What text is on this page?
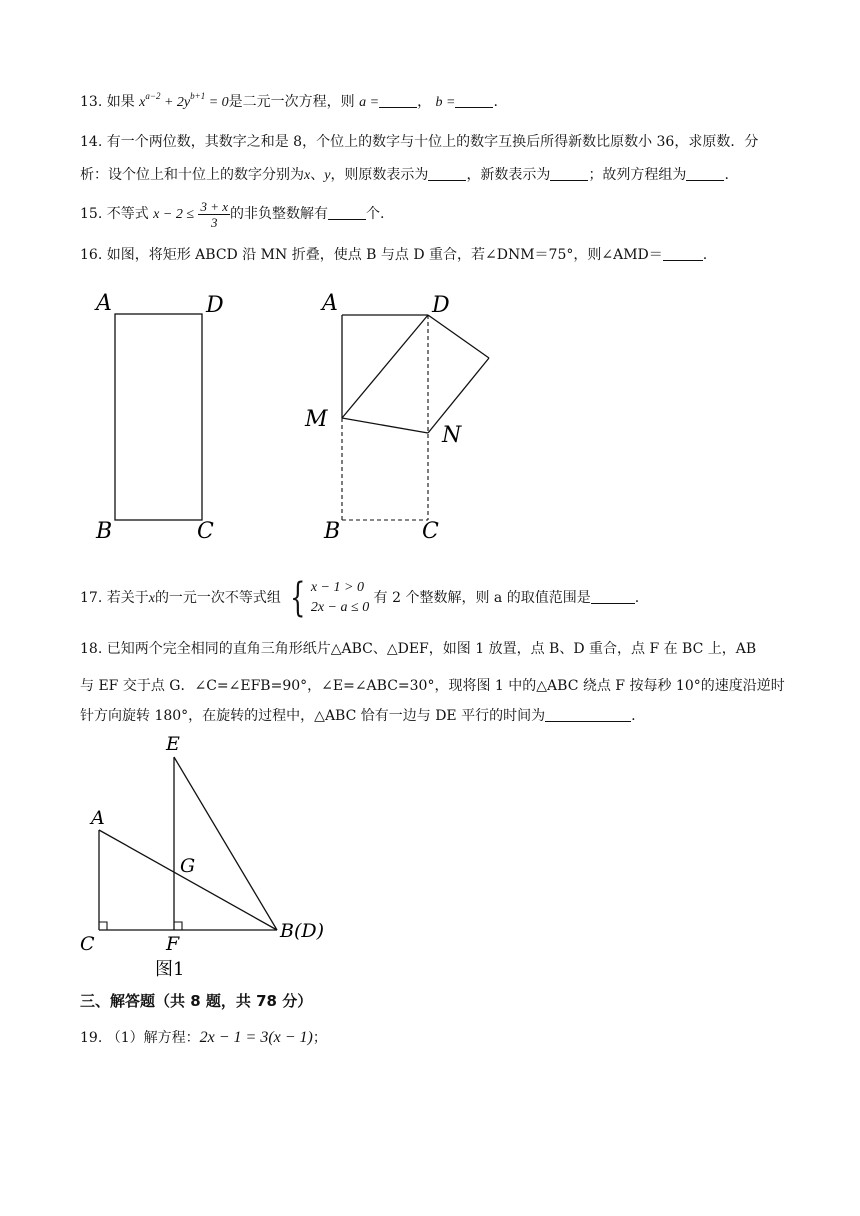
13. 如果 $x^{a-2} + 2y^{b+1} = 0$是二元一次方程，则 a =	， b =	.
14. 有一个两位数，其数字之和是 8，个位上的数字与十位上的数字互换后所得新数比原数小 36，求原数．分
析：设个位上和十位上的数字分别为x、y，则原数表示为	，新数表示为	；故列方程组为	.
15. 不等式 $x - 2 \le \frac{3 + x}{3}$ 的非负整数解有	个.
16. 如图，将矩形 ABCD 沿 MN 折叠，使点 B 与点 D 重合，若∠DNM＝75°，则∠AMD＝	.
A	D
B	C
A	D
M
N
B	C
17. 若关于x的一元一次不等式组 { x − 1 > 0
2x − a ≤ 0
有 2 个整数解，则 a 的取值范围是	.
18. 已知两个完全相同的直角三角形纸片△ABC、△DEF，如图 1 放置，点 B、D 重合，点 F 在 BC 上，AB
与 EF 交于点 G．∠C=∠EFB=90°，∠E=∠ABC=30°，现将图 1 中的△ABC 绕点 F 按每秒 10°的速度沿逆时
针方向旋转 180°，在旋转的过程中，△ABC 恰有一边与 DE 平行的时间为	.
E
A
G
C	F
B(D)
图1
三、解答题（共 8 题，共 78 分）
19. （1）解方程：2x − 1 = 3(x − 1)；
